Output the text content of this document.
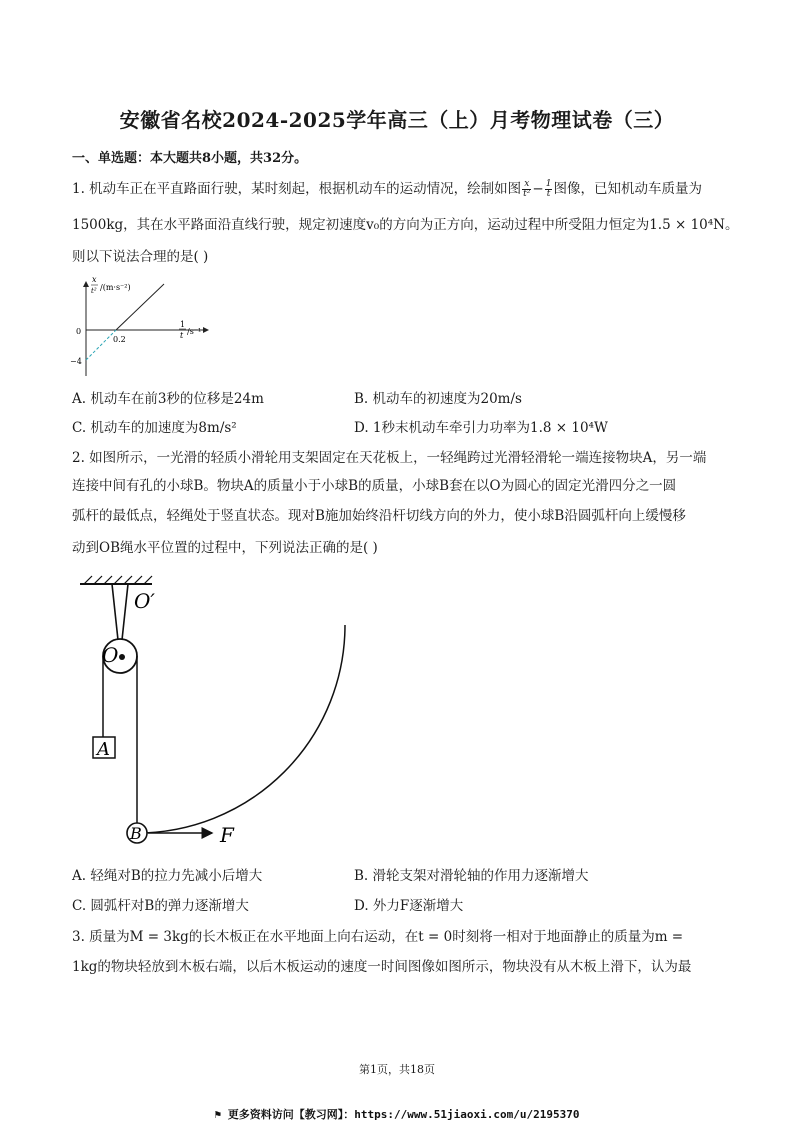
安徽省名校2024-2025学年高三（上）月考物理试卷（三）
一、单选题：本大题共8小题，共32分。
1. 机动车正在平直路面行驶，某时刻起，根据机动车的运动情况，绘制如图 $\frac{x}{\text{t²}} - \frac{1}{t}$ 图像，已知机动车质量为
1500kg，其在水平路面沿直线行驶，规定初速度v₀的方向为正方向，运动过程中所受阻力恒定为1.5 × 10⁴N。
则以下说法合理的是( )
x
t² /(m·s⁻²)
1
t /s⁻¹
0
0.2
−4
A. 机动车在前3秒的位移是24m	B. 机动车的初速度为20m/s
C. 机动车的加速度为8m/s²	D. 1秒末机动车牵引力功率为1.8 × 10⁴W
2. 如图所示，一光滑的轻质小滑轮用支架固定在天花板上，一轻绳跨过光滑轻滑轮一端连接物块A，另一端
连接中间有孔的小球B。物块A的质量小于小球B的质量，小球B套在以O为圆心的固定光滑四分之一圆
弧杆的最低点，轻绳处于竖直状态。现对B施加始终沿杆切线方向的外力，使小球B沿圆弧杆向上缓慢移
动到OB绳水平位置的过程中，下列说法正确的是( )
O′
O
A
B	F
A. 轻绳对B的拉力先减小后增大	B. 滑轮支架对滑轮轴的作用力逐渐增大
C. 圆弧杆对B的弹力逐渐增大	D. 外力F逐渐增大
3. 质量为M = 3kg的长木板正在水平地面上向右运动，在t = 0时刻将一相对于地面静止的质量为m =
1kg的物块轻放到木板右端，以后木板运动的速度一时间图像如图所示，物块没有从木板上滑下，认为最
第1页，共18页
⚑ 更多资料访问【教习网】：https://www.51jiaoxi.com/u/2195370
